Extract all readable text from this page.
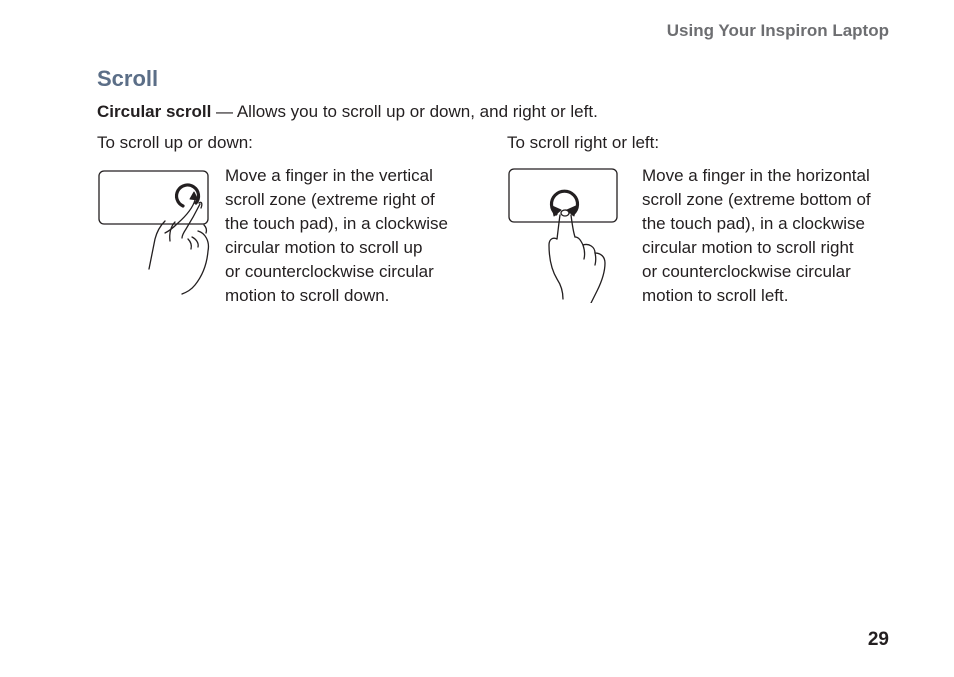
Using Your Inspiron Laptop
Scroll
Circular scroll — Allows you to scroll up or down, and right or left.
To scroll up or down:	To scroll right or left:
Move a finger in the vertical
scroll zone (extreme right of
the touch pad), in a clockwise
circular motion to scroll up
or counterclockwise circular
motion to scroll down.
Move a finger in the horizontal
scroll zone (extreme bottom of
the touch pad), in a clockwise
circular motion to scroll right
or counterclockwise circular
motion to scroll left.
29
